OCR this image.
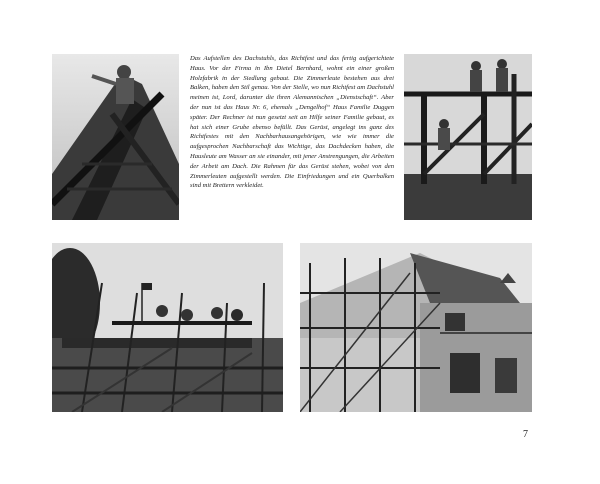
Das Aufstellen des Dachstuhls, das Richtfest und das fertig aufgerichtete Haus. Vor der Firma in Ibn Dietel Bernhard, wohnt ein einer großen Holzfabrik in der Siedlung gebaut. Die Zimmerleute bestehen aus drei Balken, haben den Stil genau. Von der Stelle, wo nun Richtfest am Dachstuhl meinen ist, Lord, darunter die ihren Alemannischen „Dienstschaft“. Aber der nun ist das Haus Nr. 6, ehemals „Dengelhof“ Haus Familie Duggen später. Der Rechner ist nun gesetzt seit an Hilfe seiner Familie gebaut, es hat sich einer Grube ebenso befüllt. Das Gerüst, angelegt ins ganz des Richtfestes mit den Nachbarhausangehörigen, wie wie immer die aufgesprochen Nachbarschaft das Wichtige, das Dachdecken haben, die Hausleute am Wasser an sie einander, mit jener Anstrengungen, die Arbeiten der Arbeit am Dach. Die Rahmen für das Gerüst stehen, wobei von den Zimmerleuten aufgestellt werden. Die Einfriedungen und ein Querbalken sind mit Brettern verkleidet.
7
